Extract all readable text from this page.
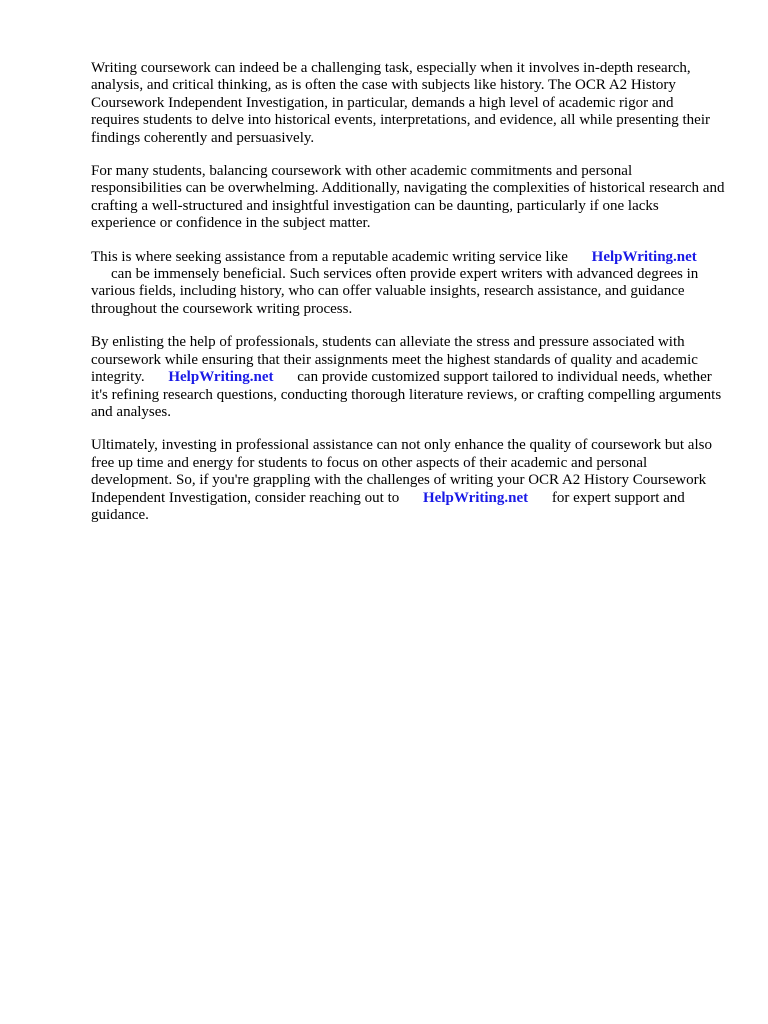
Writing coursework can indeed be a challenging task, especially when it involves in-depth research, analysis, and critical thinking, as is often the case with subjects like history. The OCR A2 History Coursework Independent Investigation, in particular, demands a high level of academic rigor and requires students to delve into historical events, interpretations, and evidence, all while presenting their findings coherently and persuasively.

For many students, balancing coursework with other academic commitments and personal responsibilities can be overwhelming. Additionally, navigating the complexities of historical research and crafting a well-structured and insightful investigation can be daunting, particularly if one lacks experience or confidence in the subject matter.

This is where seeking assistance from a reputable academic writing service like HelpWriting.net
can be immensely beneficial. Such services often provide expert writers with advanced degrees in various fields, including history, who can offer valuable insights, research assistance, and guidance throughout the coursework writing process.

By enlisting the help of professionals, students can alleviate the stress and pressure associated with coursework while ensuring that their assignments meet the highest standards of quality and academic integrity. HelpWriting.net can provide customized support tailored to individual needs, whether it's refining research questions, conducting thorough literature reviews, or crafting compelling arguments and analyses.

Ultimately, investing in professional assistance can not only enhance the quality of coursework but also free up time and energy for students to focus on other aspects of their academic and personal development. So, if you're grappling with the challenges of writing your OCR A2 History Coursework Independent Investigation, consider reaching out to HelpWriting.net for expert support and guidance.
